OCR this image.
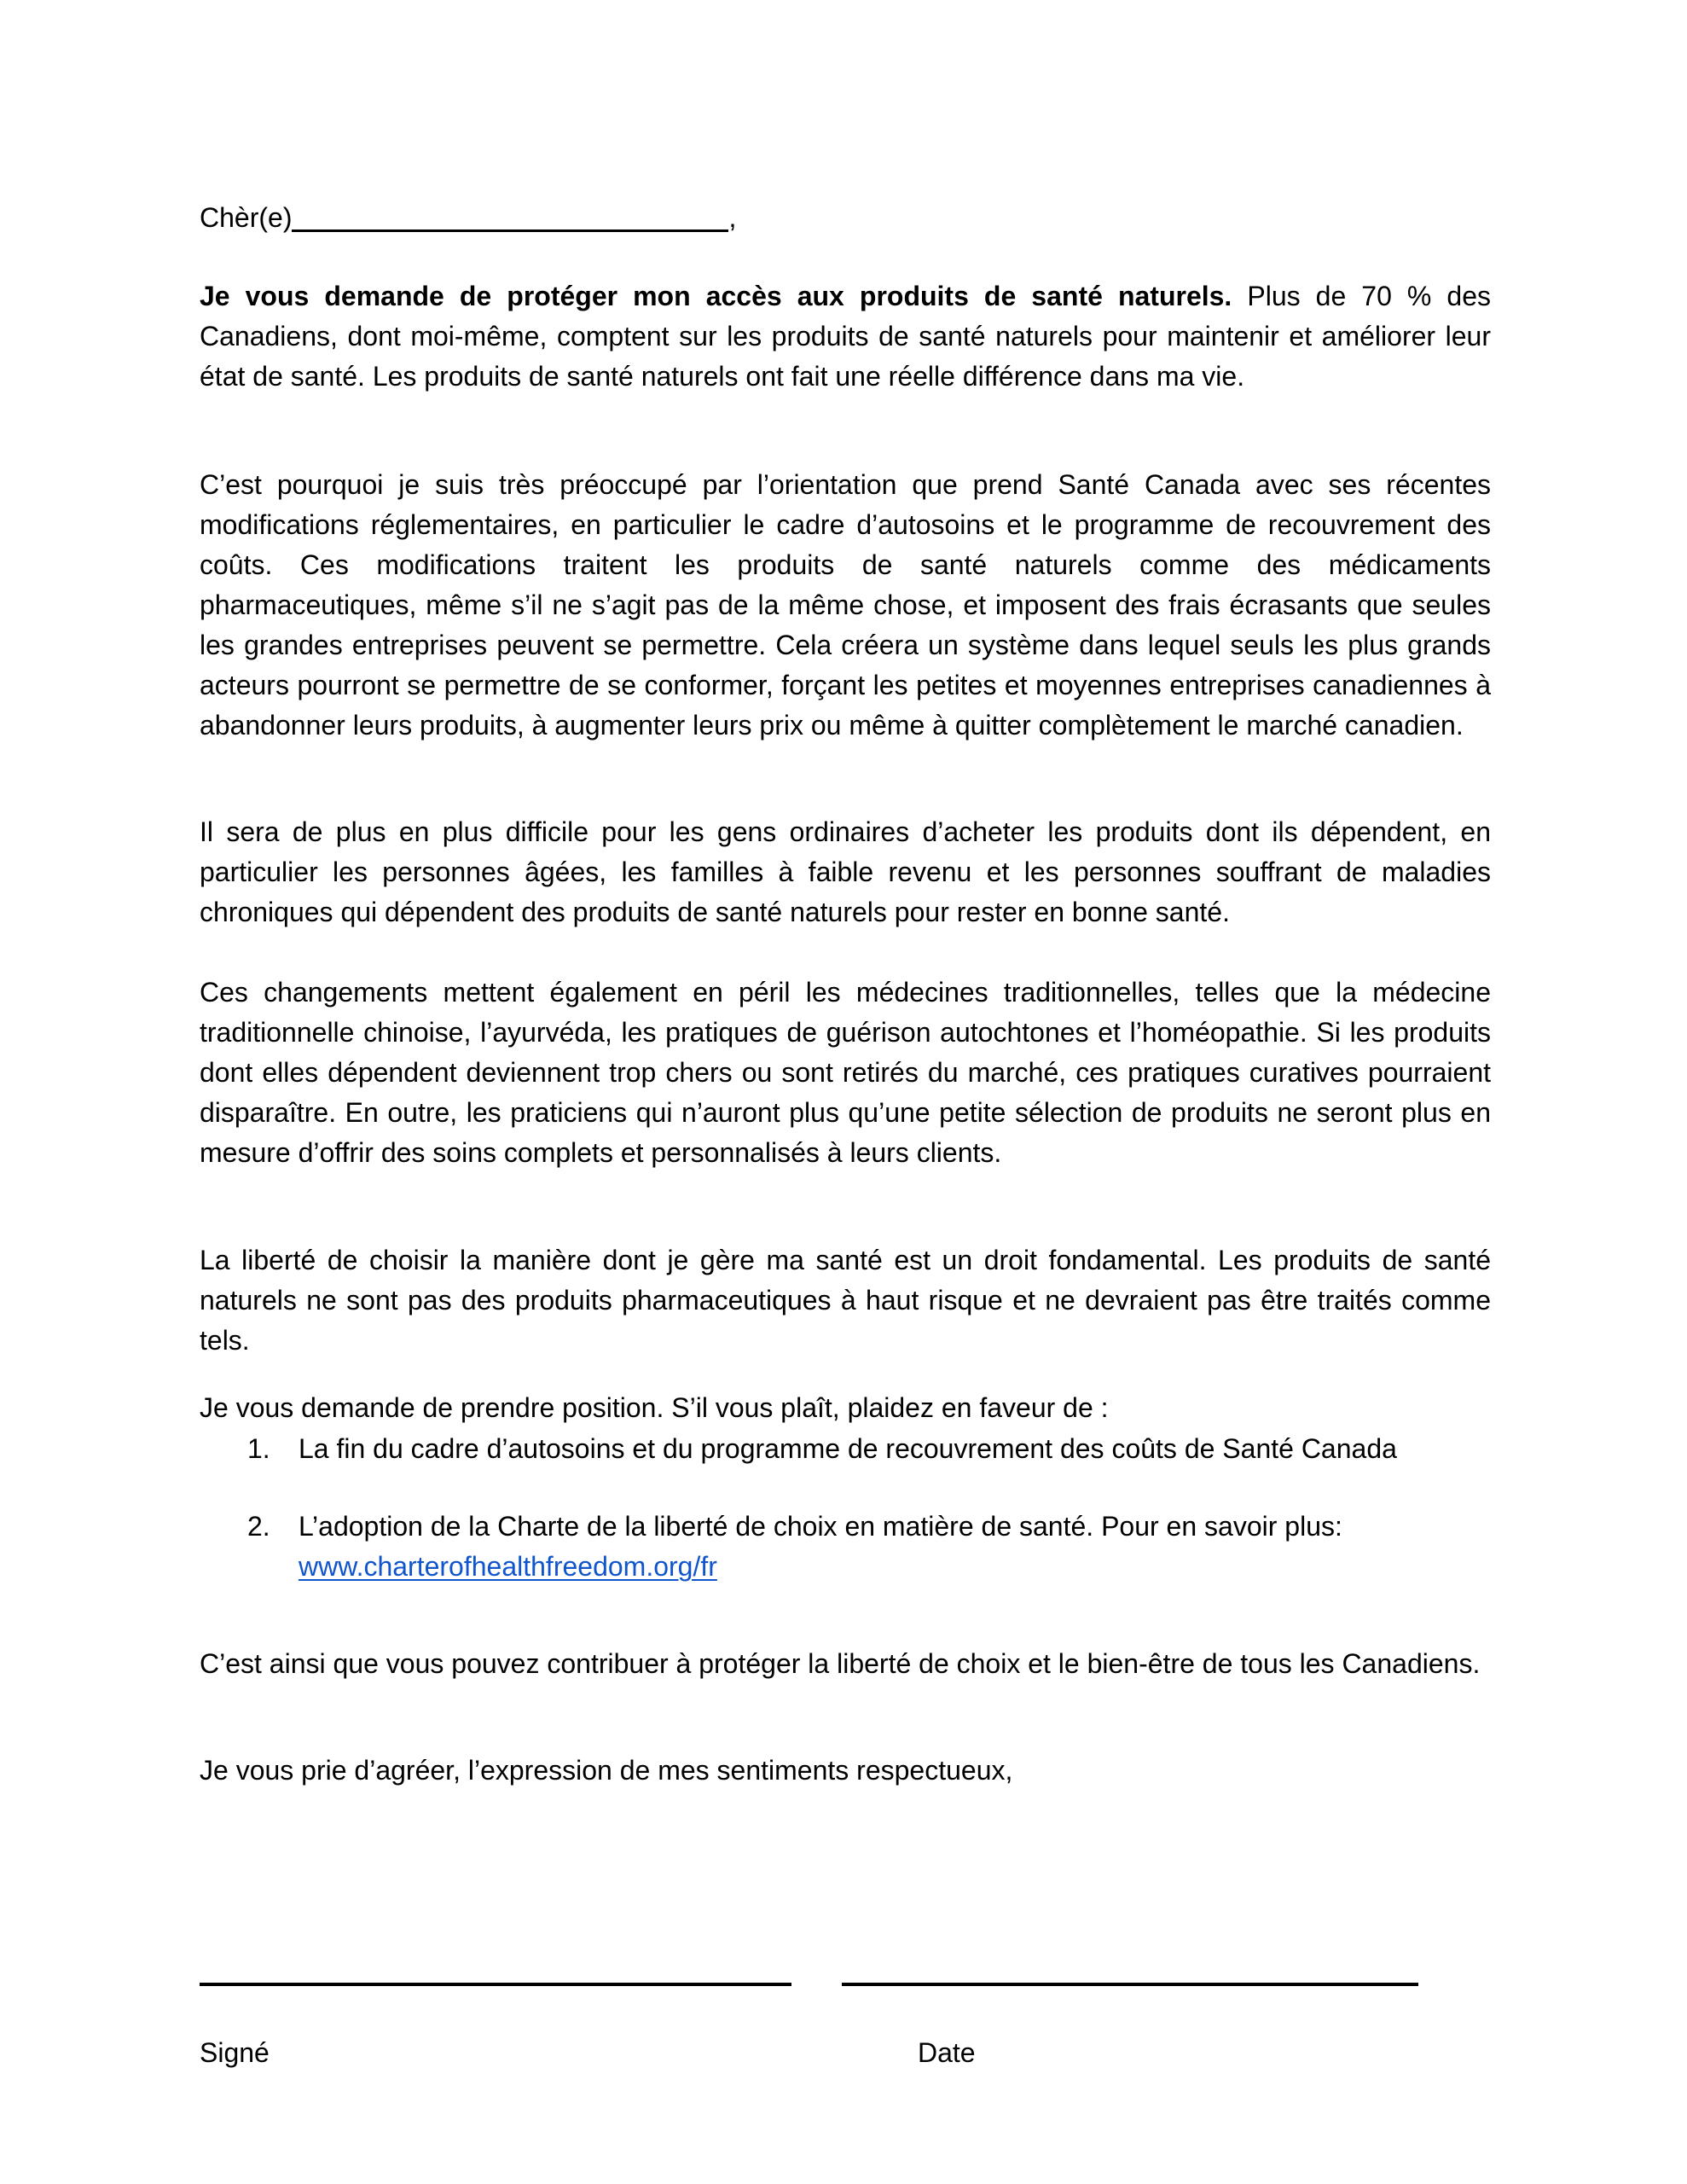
Chèr(e)	,

Je vous demande de protéger mon accès aux produits de santé naturels. Plus de 70 % des Canadiens, dont moi-même, comptent sur les produits de santé naturels pour maintenir et améliorer leur état de santé. Les produits de santé naturels ont fait une réelle différence dans ma vie.

C’est pourquoi je suis très préoccupé par l’orientation que prend Santé Canada avec ses récentes modifications réglementaires, en particulier le cadre d’autosoins et le programme de recouvrement des coûts. Ces modifications traitent les produits de santé naturels comme des médicaments pharmaceutiques, même s’il ne s’agit pas de la même chose, et imposent des frais écrasants que seules les grandes entreprises peuvent se permettre. Cela créera un système dans lequel seuls les plus grands acteurs pourront se permettre de se conformer, forçant les petites et moyennes entreprises canadiennes à abandonner leurs produits, à augmenter leurs prix ou même à quitter complètement le marché canadien.

Il sera de plus en plus difficile pour les gens ordinaires d’acheter les produits dont ils dépendent, en particulier les personnes âgées, les familles à faible revenu et les personnes souffrant de maladies chroniques qui dépendent des produits de santé naturels pour rester en bonne santé.

Ces changements mettent également en péril les médecines traditionnelles, telles que la médecine traditionnelle chinoise, l’ayurvéda, les pratiques de guérison autochtones et l’homéopathie. Si les produits dont elles dépendent deviennent trop chers ou sont retirés du marché, ces pratiques curatives pourraient disparaître. En outre, les praticiens qui n’auront plus qu’une petite sélection de produits ne seront plus en mesure d’offrir des soins complets et personnalisés à leurs clients.

La liberté de choisir la manière dont je gère ma santé est un droit fondamental. Les produits de santé naturels ne sont pas des produits pharmaceutiques à haut risque et ne devraient pas être traités comme tels.

Je vous demande de prendre position. S’il vous plaît, plaidez en faveur de :

1. La fin du cadre d’autosoins et du programme de recouvrement des coûts de Santé Canada
2. L’adoption de la Charte de la liberté de choix en matière de santé. Pour en savoir plus:
www.charterofhealthfreedom.org/fr

C’est ainsi que vous pouvez contribuer à protéger la liberté de choix et le bien-être de tous les Canadiens.

Je vous prie d’agréer, l’expression de mes sentiments respectueux,

Signé	Date
